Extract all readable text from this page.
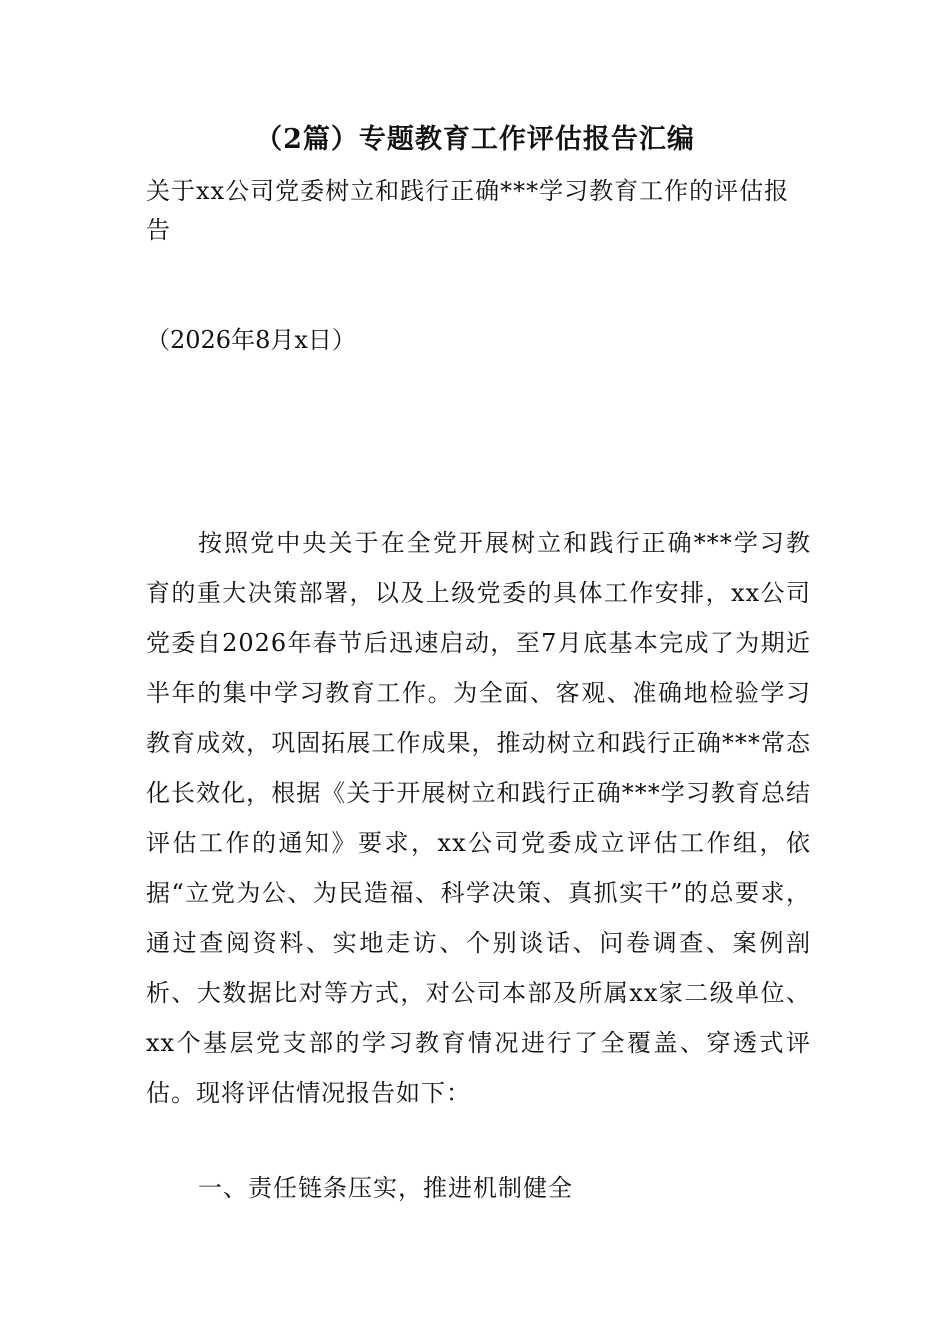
（2篇）专题教育工作评估报告汇编
关于xx公司党委树立和践行正确***学习教育工作的评估报告
（2026年8月x日）
按照党中央关于在全党开展树立和践行正确***学习教育的重大决策部署，以及上级党委的具体工作安排，xx公司党委自2026年春节后迅速启动，至7月底基本完成了为期近半年的集中学习教育工作。为全面、客观、准确地检验学习教育成效，巩固拓展工作成果，推动树立和践行正确***常态化长效化，根据《关于开展树立和践行正确***学习教育总结评估工作的通知》要求，xx公司党委成立评估工作组，依据“立党为公、为民造福、科学决策、真抓实干”的总要求，通过查阅资料、实地走访、个别谈话、问卷调查、案例剖析、大数据比对等方式，对公司本部及所属xx家二级单位、xx个基层党支部的学习教育情况进行了全覆盖、穿透式评估。现将评估情况报告如下：
一、责任链条压实，推进机制健全
